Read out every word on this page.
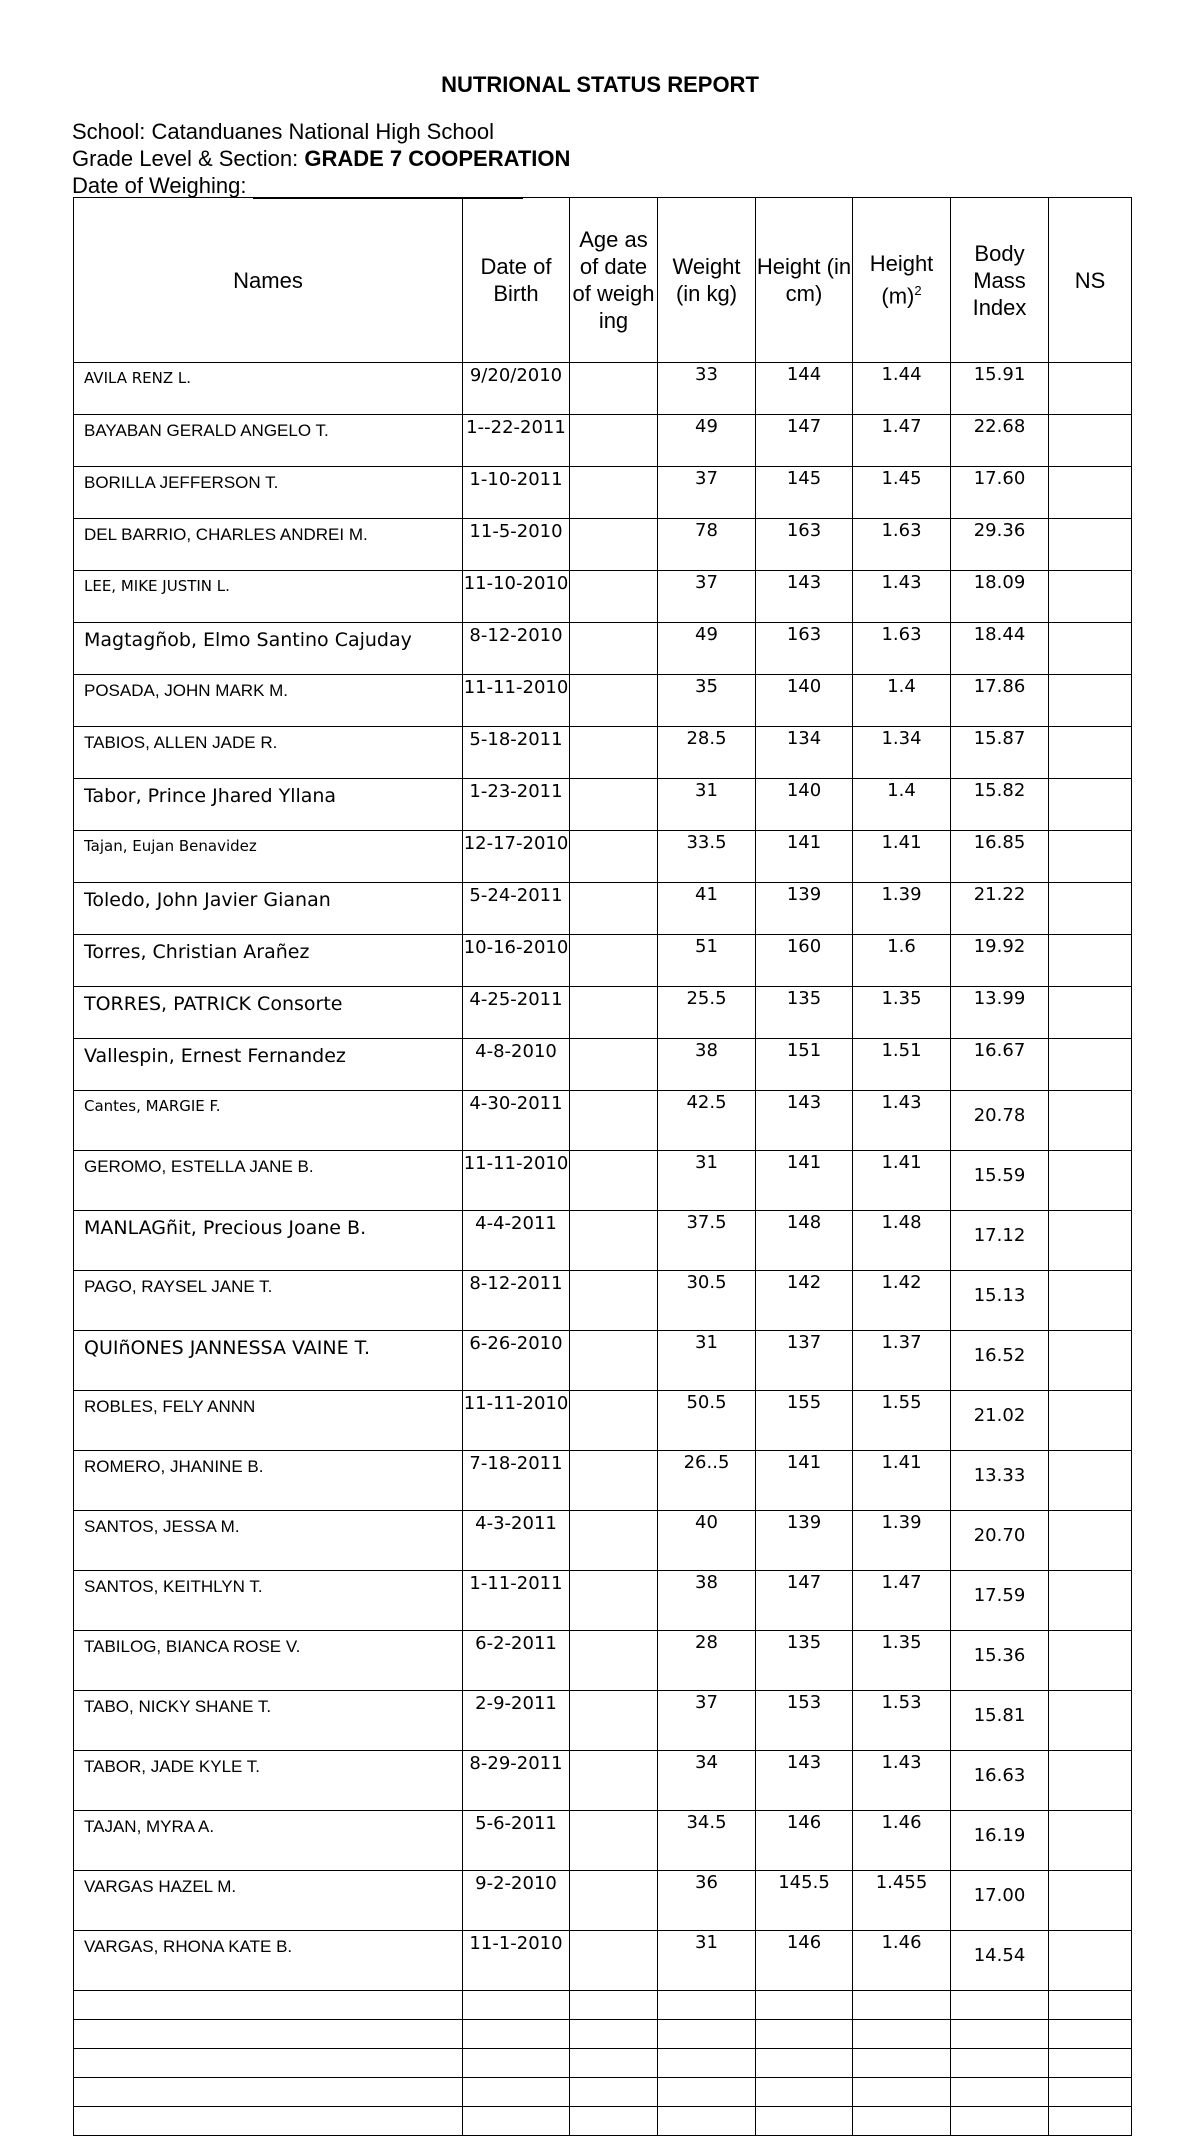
NUTRIONAL STATUS REPORT
School: Catanduanes National High School
Grade Level & Section: GRADE 7 COOPERATION
Date of Weighing:
Names	Date of Birth	Age as of date of weigh ing	Weight (in kg)	Height (in cm)	Height $(m)^2$	Body Mass Index	NS
AVILA RENZ L.	9/20/2010		33	144	1.44	15.91	
BAYABAN GERALD ANGELO T.	1--22-2011		49	147	1.47	22.68	
BORILLA JEFFERSON T.	1-10-2011		37	145	1.45	17.60	
DEL BARRIO, CHARLES ANDREI M.	11-5-2010		78	163	1.63	29.36	
LEE, MIKE JUSTIN L.	11-10-2010		37	143	1.43	18.09	
Magtagñob, Elmo Santino Cajuday	8-12-2010		49	163	1.63	18.44	
POSADA, JOHN MARK M.	11-11-2010		35	140	1.4	17.86	
TABIOS, ALLEN JADE R.	5-18-2011		28.5	134	1.34	15.87	
Tabor, Prince Jhared Yllana	1-23-2011		31	140	1.4	15.82	
Tajan, Eujan Benavidez	12-17-2010		33.5	141	1.41	16.85	
Toledo, John Javier Gianan	5-24-2011		41	139	1.39	21.22	
Torres, Christian Arañez	10-16-2010		51	160	1.6	19.92	
TORRES, PATRICK Consorte	4-25-2011		25.5	135	1.35	13.99	
Vallespin, Ernest Fernandez	4-8-2010		38	151	1.51	16.67	
Cantes, MARGIE F.	4-30-2011		42.5	143	1.43	20.78	
GEROMO, ESTELLA JANE B.	11-11-2010		31	141	1.41	15.59	
MANLAGñit, Precious Joane B.	4-4-2011		37.5	148	1.48	17.12	
PAGO, RAYSEL JANE T.	8-12-2011		30.5	142	1.42	15.13	
QUIñONES JANNESSA VAINE T.	6-26-2010		31	137	1.37	16.52	
ROBLES, FELY ANNN	11-11-2010		50.5	155	1.55	21.02	
ROMERO, JHANINE B.	7-18-2011		26..5	141	1.41	13.33	
SANTOS, JESSA M.	4-3-2011		40	139	1.39	20.70	
SANTOS, KEITHLYN T.	1-11-2011		38	147	1.47	17.59	
TABILOG, BIANCA ROSE V.	6-2-2011		28	135	1.35	15.36	
TABO, NICKY SHANE T.	2-9-2011		37	153	1.53	15.81	
TABOR, JADE KYLE T.	8-29-2011		34	143	1.43	16.63	
TAJAN, MYRA A.	5-6-2011		34.5	146	1.46	16.19	
VARGAS HAZEL M.	9-2-2010		36	145.5	1.455	17.00	
VARGAS, RHONA KATE B.	11-1-2010		31	146	1.46	14.54	
